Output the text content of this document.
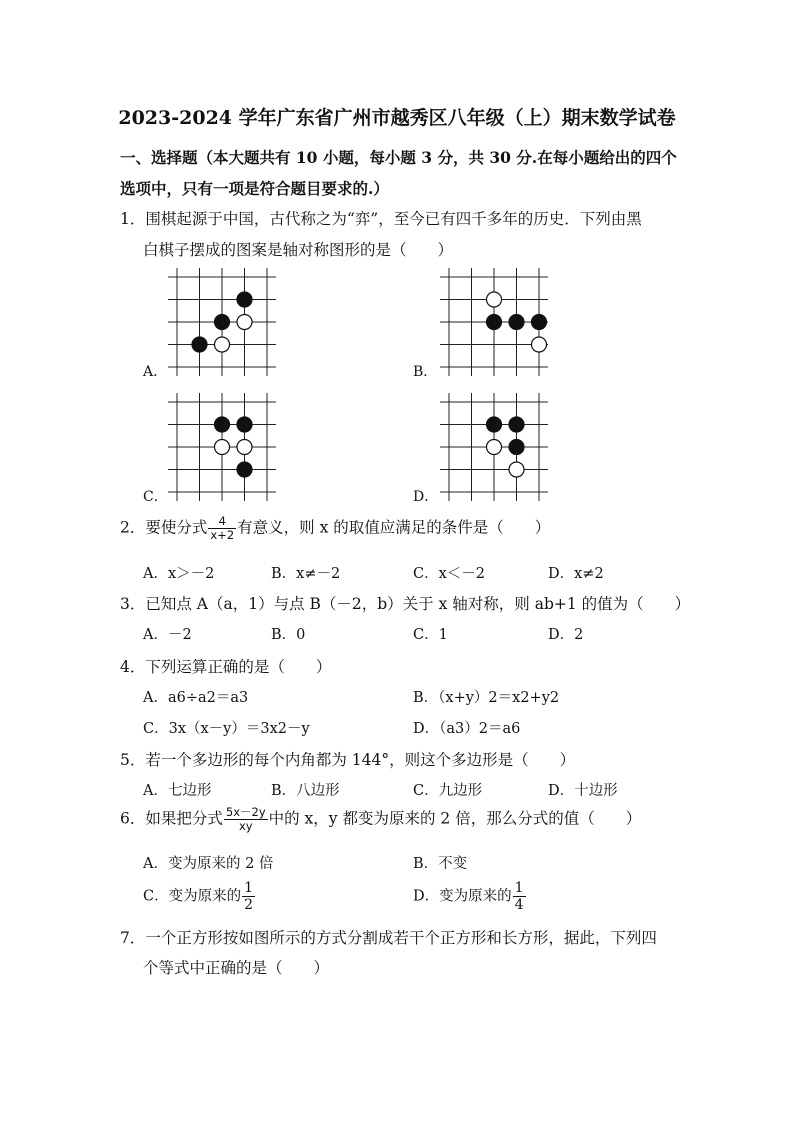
2023-2024 学年广东省广州市越秀区八年级（上）期末数学试卷
一、选择题（本大题共有 10 小题，每小题 3 分，共 30 分.在每小题给出的四个
选项中，只有一项是符合题目要求的.）
1．围棋起源于中国，古代称之为“弈”，至今已有四千多年的历史．下列由黑
白棋子摆成的图案是轴对称图形的是（　　）
A．	B．
C．	D．
2．要使分式 $\frac{4}{x+2}$ 有意义，则 x 的取值应满足的条件是（　　）
A．x＞－2	B．x≠－2	C．x＜－2	D．x≠2
3．已知点 A（a，1）与点 B（－2，b）关于 x 轴对称，则 ab+1 的值为（　　）
A．－2	B．0	C．1	D．2
4．下列运算正确的是（　　）
A．a6÷a2＝a3	B．（x+y）2＝x2+y2
C．3x（x－y）＝3x2－y	D．（a3）2＝a6
5．若一个多边形的每个内角都为 144°，则这个多边形是（　　）
A．七边形	B．八边形	C．九边形	D．十边形
6．如果把分式 $\frac{5x-2y}{xy}$ 中的 x，y 都变为原来的 2 倍，那么分式的值（　　）
A．变为原来的 2 倍	B．不变
C．变为原来的 $\frac{1}{2}$	D．变为原来的 $\frac{1}{4}$
7．一个正方形按如图所示的方式分割成若干个正方形和长方形，据此，下列四
个等式中正确的是（　　）
